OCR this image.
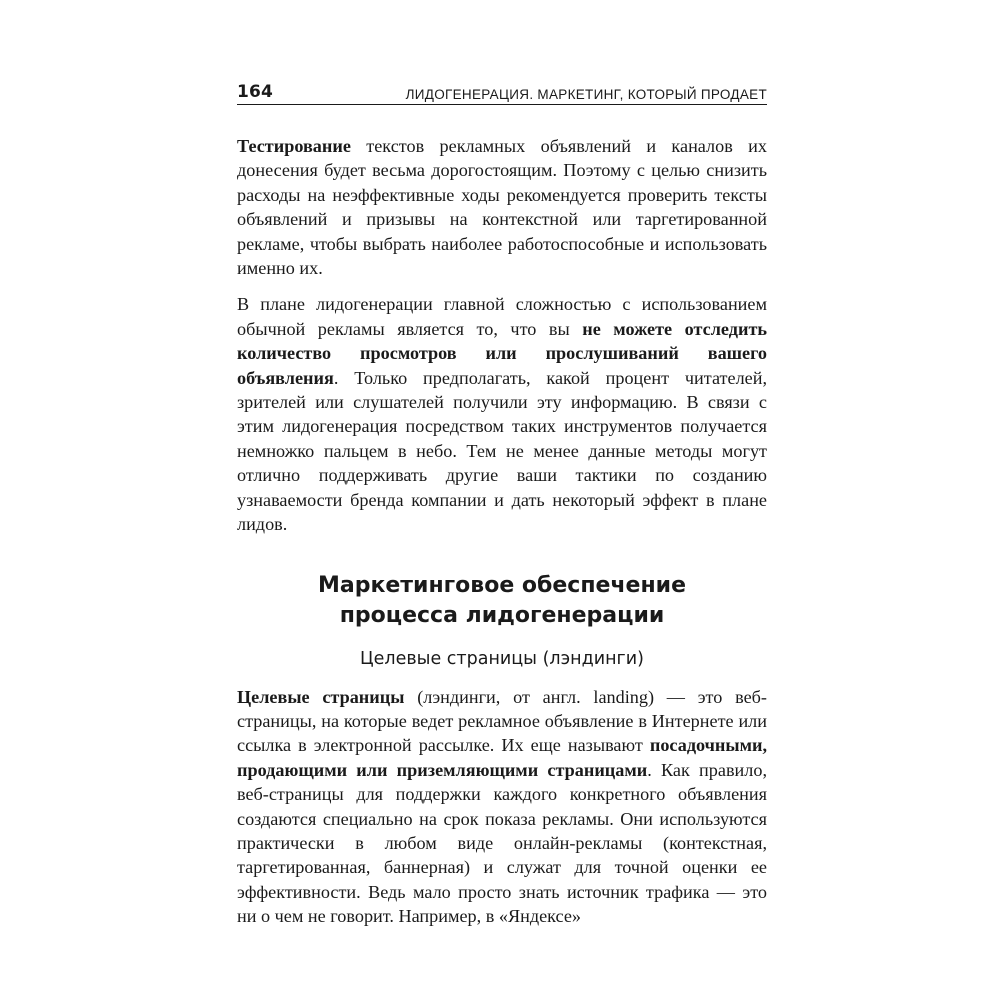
164	ЛИДОГЕНЕРАЦИЯ. МАРКЕТИНГ, КОТОРЫЙ ПРОДАЕТ

Тестирование текстов рекламных объявлений и каналов их донесения будет весьма дорогостоящим. Поэтому с целью снизить расходы на неэффективные ходы рекомендуется проверить тексты объявлений и призывы на контекстной или таргетированной рекламе, чтобы выбрать наиболее работоспособные и использовать именно их.

В плане лидогенерации главной сложностью с использованием обычной рекламы является то, что вы не можете отследить количество просмотров или прослушиваний вашего объявления. Только предполагать, какой процент читателей, зрителей или слушателей получили эту информацию. В связи с этим лидогенерация посредством таких инструментов получается немножко пальцем в небо. Тем не менее данные методы могут отлично поддерживать другие ваши тактики по созданию узнаваемости бренда компании и дать некоторый эффект в плане лидов.

Маркетинговое обеспечение
процесса лидогенерации
Целевые страницы (лэндинги)

Целевые страницы (лэндинги, от англ. landing) — это веб-страницы, на которые ведет рекламное объявление в Интернете или ссылка в электронной рассылке. Их еще называют посадочными, продающими или приземляющими страницами. Как правило, веб-страницы для поддержки каждого конкретного объявления создаются специально на срок показа рекламы. Они используются практически в любом виде онлайн-рекламы (контекстная, таргетированная, баннерная) и служат для точной оценки ее эффективности. Ведь мало просто знать источник трафика — это ни о чем не говорит. Например, в «Яндексе»
